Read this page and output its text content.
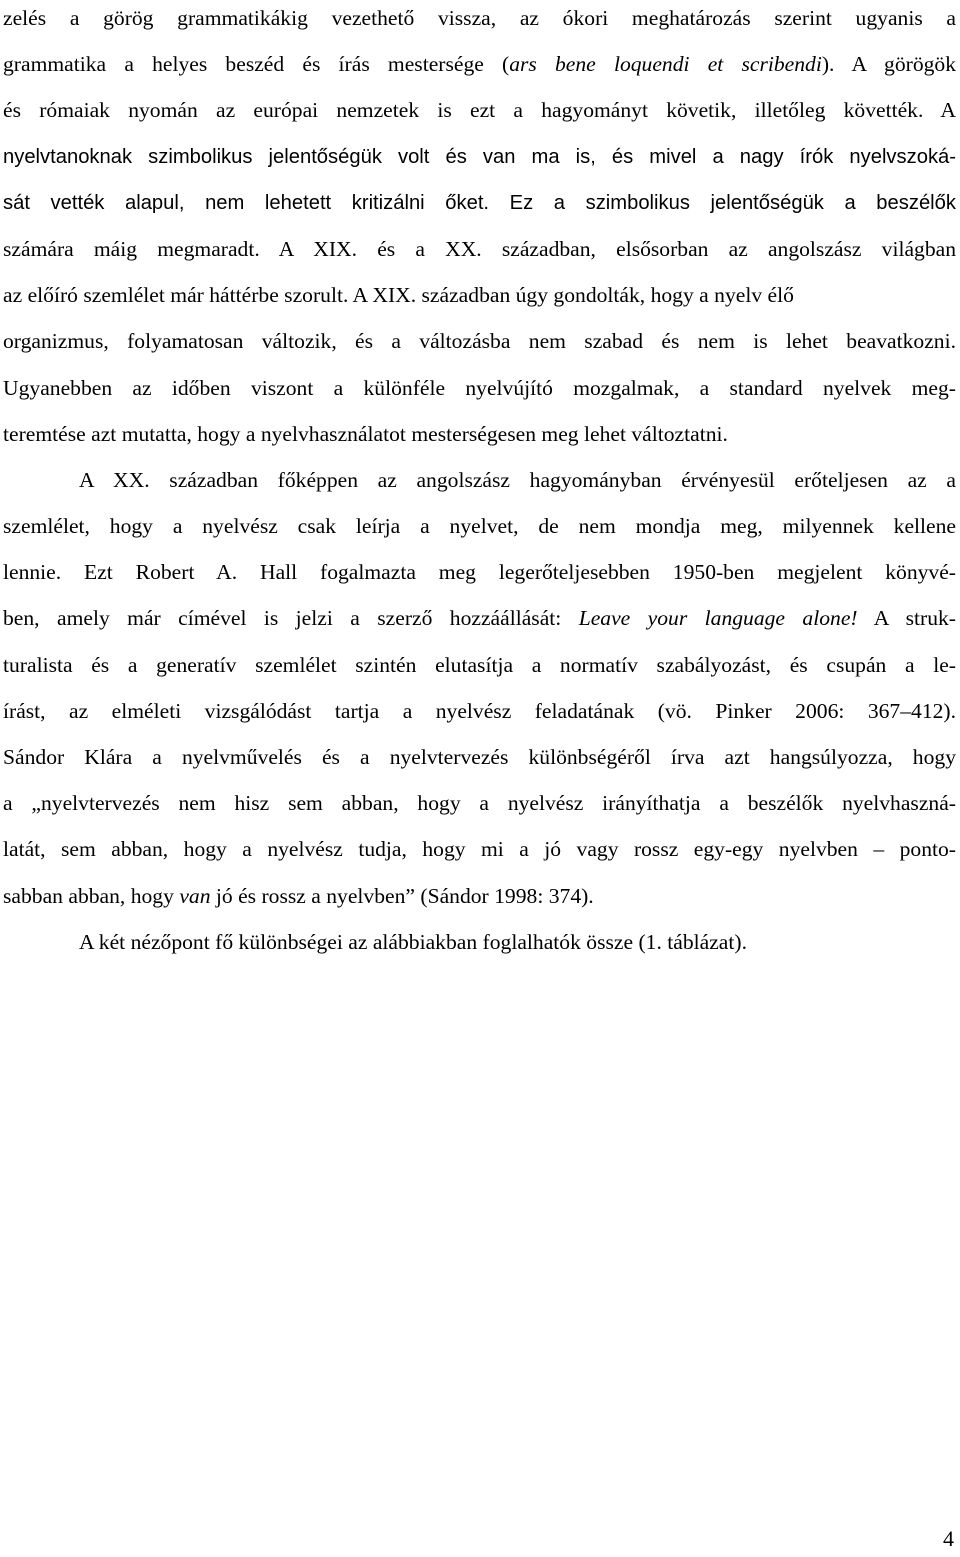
zelés a görög grammatikákig vezethető vissza, az ókori meghatározás szerint ugyanis a
grammatika a helyes beszéd és írás mestersége (ars bene loquendi et scribendi). A görögök
és rómaiak nyomán az európai nemzetek is ezt a hagyományt követik, illetőleg követték. A
nyelvtanoknak szimbolikus jelentőségük volt és van ma is, és mivel a nagy írók nyelvszoká-
sát vették alapul, nem lehetett kritizálni őket. Ez a szimbolikus jelentőségük a beszélők
számára máig megmaradt. A XIX. és a XX. században, elsősorban az angolszász világban
az előíró szemlélet már háttérbe szorult. A XIX. században úgy gondolták, hogy a nyelv élő
organizmus, folyamatosan változik, és a változásba nem szabad és nem is lehet beavatkozni.
Ugyanebben az időben viszont a különféle nyelvújító mozgalmak, a standard nyelvek meg-
teremtése azt mutatta, hogy a nyelvhasználatot mesterségesen meg lehet változtatni.
A XX. században főképpen az angolszász hagyományban érvényesül erőteljesen az a
szemlélet, hogy a nyelvész csak leírja a nyelvet, de nem mondja meg, milyennek kellene
lennie. Ezt Robert A. Hall fogalmazta meg legerőteljesebben 1950-ben megjelent könyvé-
ben, amely már címével is jelzi a szerző hozzáállását: Leave your language alone! A struk-
turalista és a generatív szemlélet szintén elutasítja a normatív szabályozást, és csupán a le-
írást, az elméleti vizsgálódást tartja a nyelvész feladatának (vö. Pinker 2006: 367–412).
Sándor Klára a nyelvművelés és a nyelvtervezés különbségéről írva azt hangsúlyozza, hogy
a „nyelvtervezés nem hisz sem abban, hogy a nyelvész irányíthatja a beszélők nyelvhaszná-
latát, sem abban, hogy a nyelvész tudja, hogy mi a jó vagy rossz egy-egy nyelvben – ponto-
sabban abban, hogy van jó és rossz a nyelvben” (Sándor 1998: 374).
A két nézőpont fő különbségei az alábbiakban foglalhatók össze (1. táblázat).
4
